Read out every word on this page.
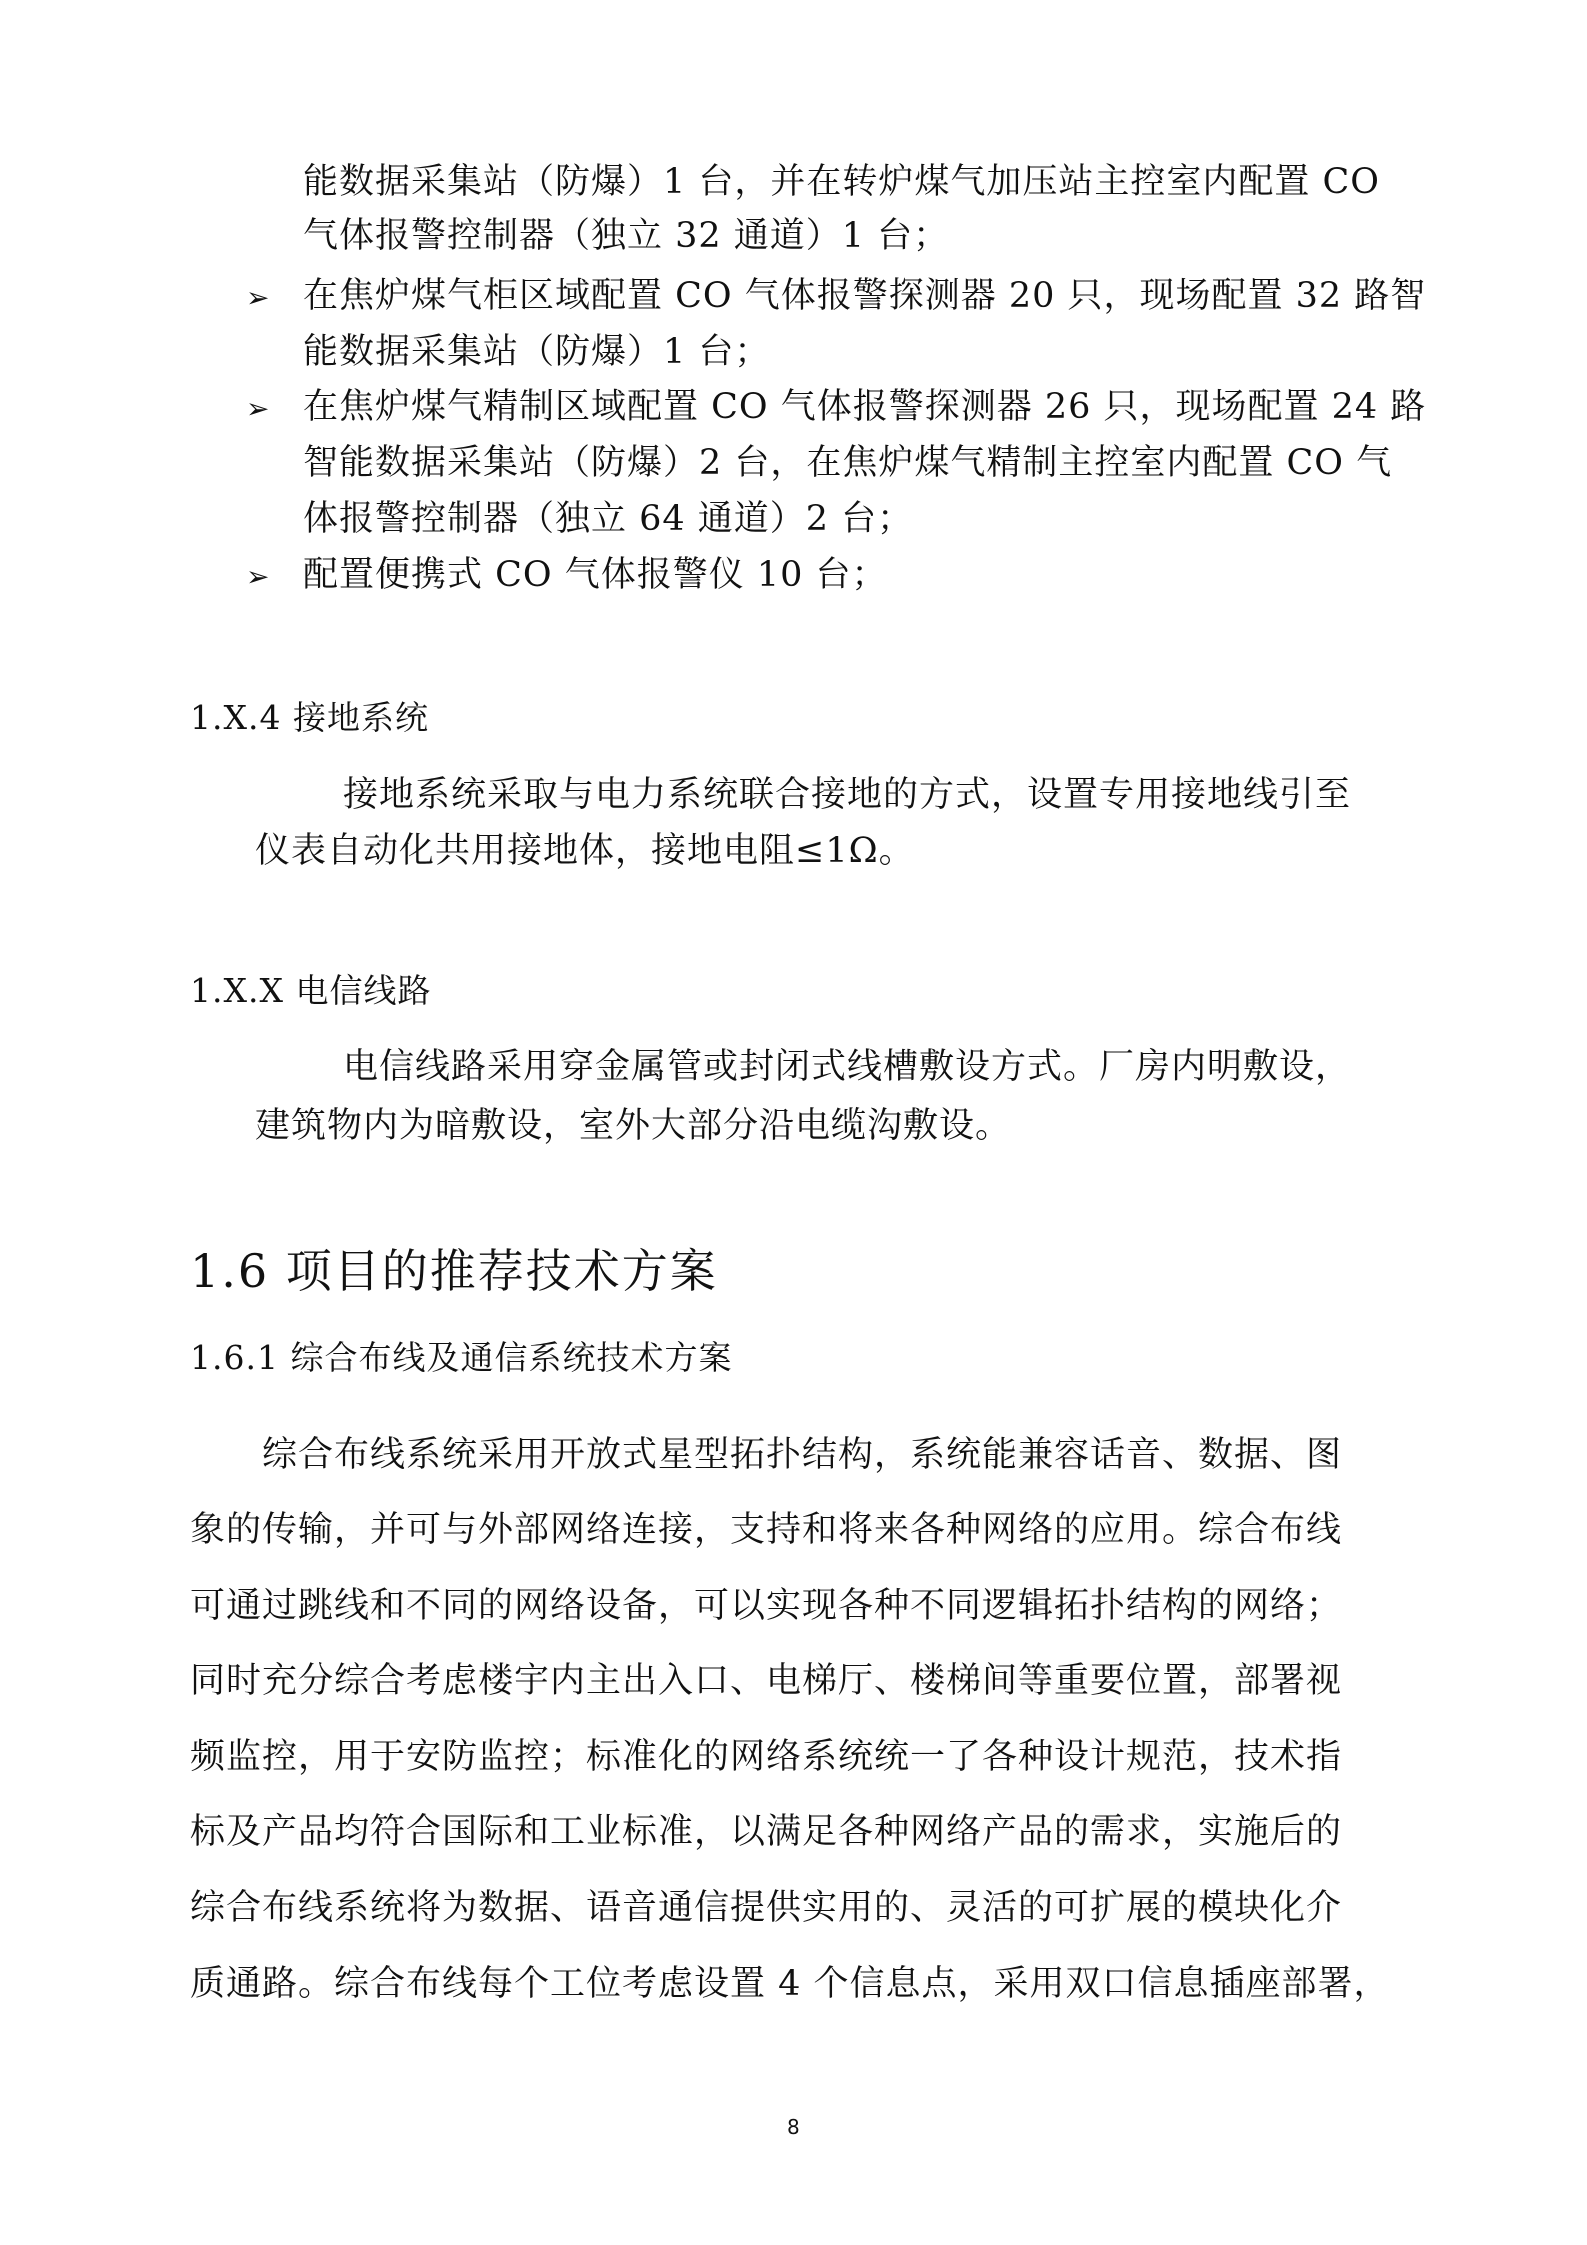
能数据采集站（防爆）1 台，并在转炉煤气加压站主控室内配置 CO
气体报警控制器（独立 32 通道）1 台；
➢ 在焦炉煤气柜区域配置 CO 气体报警探测器 20 只，现场配置 32 路智
能数据采集站（防爆）1 台；
➢ 在焦炉煤气精制区域配置 CO 气体报警探测器 26 只，现场配置 24 路
智能数据采集站（防爆）2 台，在焦炉煤气精制主控室内配置 CO 气
体报警控制器（独立 64 通道）2 台；
➢ 配置便携式 CO 气体报警仪 10 台；
1.X.4 接地系统
接地系统采取与电力系统联合接地的方式，设置专用接地线引至
仪表自动化共用接地体，接地电阻≤1Ω。
1.X.X 电信线路
电信线路采用穿金属管或封闭式线槽敷设方式。厂房内明敷设，
建筑物内为暗敷设，室外大部分沿电缆沟敷设。
1.6 项目的推荐技术方案
1.6.1 综合布线及通信系统技术方案
综合布线系统采用开放式星型拓扑结构，系统能兼容话音、数据、图
象的传输，并可与外部网络连接，支持和将来各种网络的应用。综合布线
可通过跳线和不同的网络设备，可以实现各种不同逻辑拓扑结构的网络；
同时充分综合考虑楼宇内主出入口、电梯厅、楼梯间等重要位置，部署视
频监控，用于安防监控；标准化的网络系统统一了各种设计规范，技术指
标及产品均符合国际和工业标准，以满足各种网络产品的需求，实施后的
综合布线系统将为数据、语音通信提供实用的、灵活的可扩展的模块化介
质通路。综合布线每个工位考虑设置 4 个信息点，采用双口信息插座部署，
8
